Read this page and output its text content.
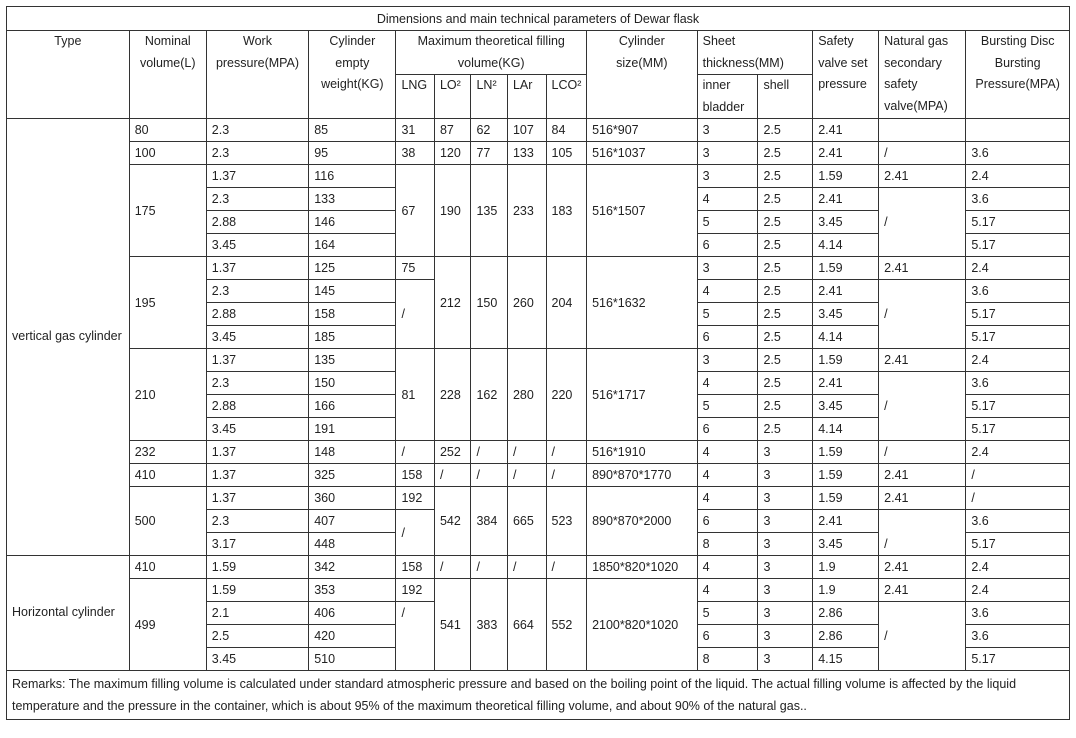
Dimensions and main technical parameters of Dewar flask														
Type	Nominal volume(L)	Work pressure(MPA)	Cylinder empty weight(KG)	Maximum theoretical filling volume(KG)					Cylinder size(MM)	Sheet thickness(MM)		Safety valve set pressure	Natural gas secondary safety valve(MPA)	Bursting Disc Bursting Pressure(MPA)
				LNG	LO²	LN²	LAr	LCO²		inner bladder	shell			

vertical gas cylinder	80	2.3	85	31	87	62	107	84	516*907	3	2.5	2.41		
	100	2.3	95	38	120	77	133	105	516*1037	3	2.5	2.41	/	3.6
	175	1.37	116	67	190	135	233	183	516*1507	3	2.5	1.59	2.41	2.4
		2.3	133							4	2.5	2.41	/	3.6
		2.88	146							5	2.5	3.45		5.17
		3.45	164							6	2.5	4.14		5.17
	195	1.37	125	75	212	150	260	204	516*1632	3	2.5	1.59	2.41	2.4
		2.3	145	/						4	2.5	2.41	/	3.6
		2.88	158							5	2.5	3.45		5.17
		3.45	185							6	2.5	4.14		5.17
	210	1.37	135	81	228	162	280	220	516*1717	3	2.5	1.59	2.41	2.4
		2.3	150							4	2.5	2.41	/	3.6
		2.88	166							5	2.5	3.45		5.17
		3.45	191							6	2.5	4.14		5.17
	232	1.37	148	/	252	/	/	/	516*1910	4	3	1.59	/	2.4
	410	1.37	325	158	/	/	/	/	890*870*1770	4	3	1.59	2.41	/
	500	1.37	360	192	542	384	665	523	890*870*2000	4	3	1.59	2.41	/
		2.3	407	/						6	3	2.41	/	3.6
		3.17	448							8	3	3.45		5.17
Horizontal cylinder	410	1.59	342	158	/	/	/	/	1850*820*1020	4	3	1.9	2.41	2.4
	499	1.59	353	192	541	383	664	552	2100*820*1020	4	3	1.9	2.41	2.4
		2.1	406	/						5	3	2.86	/	3.6
		2.5	420							6	3	2.86		3.6
		3.45	510							8	3	4.15		5.17
Remarks: The maximum filling volume is calculated under standard atmospheric pressure and based on the boiling point of the liquid. The actual filling volume is affected by the liquid temperature and the pressure in the container, which is about 95% of the maximum theoretical filling volume, and about 90% of the natural gas..														
